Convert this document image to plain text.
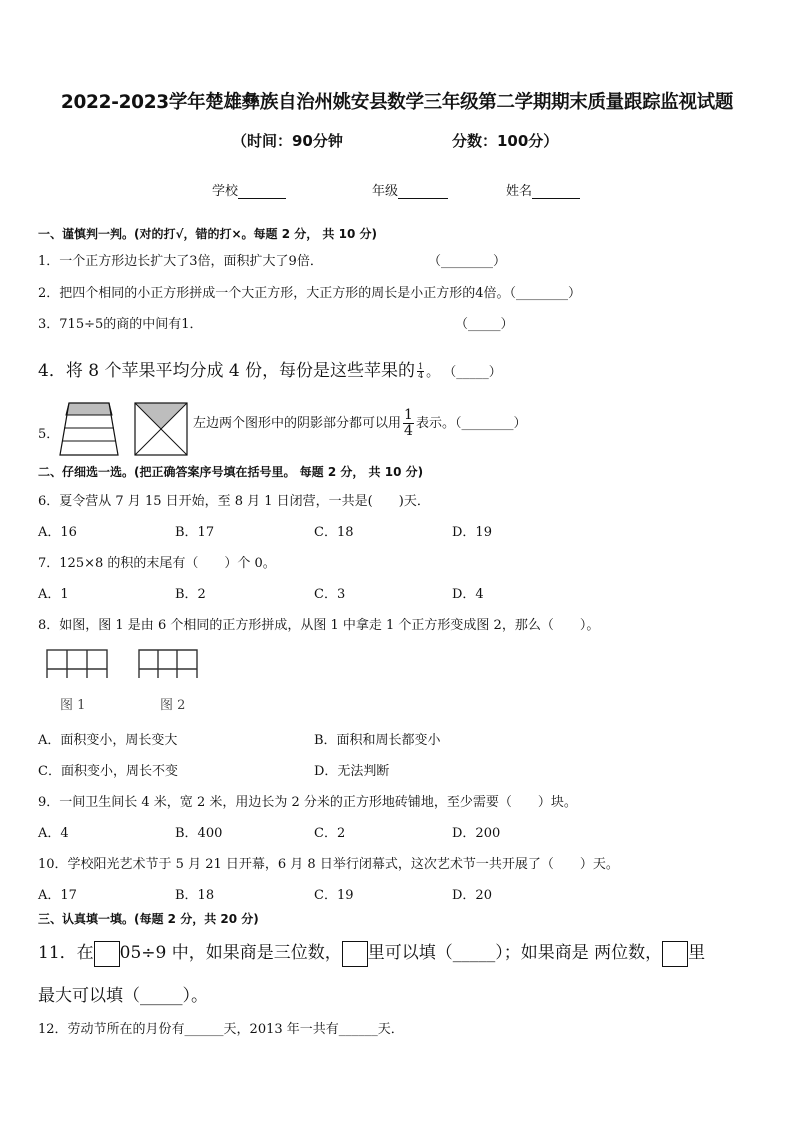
2022-2023学年楚雄彝族自治州姚安县数学三年级第二学期期末质量跟踪监视试题
（时间：90分钟	分数：100分）
学校	年级	姓名
一、谨慎判一判。(对的打√，错的打×。每题 2 分， 共 10 分)
1．一个正方形边长扩大了3倍，面积扩大了9倍．	（________）
2．把四个相同的小正方形拼成一个大正方形，大正方形的周长是小正方形的4倍。（________）
3．715÷5的商的中间有1．	（_____）
4．将 8 个苹果平均分成 4 份，每份是这些苹果的 $\frac{1}{4}$ 。 （_____）
5．
左边两个图形中的阴影部分都可以用 $\frac{1}{4}$ 表示。（________）
二、仔细选一选。(把正确答案序号填在括号里。 每题 2 分， 共 10 分)
6．夏令营从 7 月 15 日开始，至 8 月 1 日闭营，一共是(　　)天．
A．16	B．17	C．18	D．19
7．125×8 的积的末尾有（　　）个 0。
A．1	B．2	C．3	D．4
8．如图，图 1 是由 6 个相同的正方形拼成，从图 1 中拿走 1 个正方形变成图 2，那么（　　）。
图 1	图 2
A．面积变小，周长变大	B．面积和周长都变小
C．面积变小，周长不变	D．无法判断
9．一间卫生间长 4 米，宽 2 米，用边长为 2 分米的正方形地砖铺地，至少需要（　　）块。
A．4	B．400	C．2	D．200
10．学校阳光艺术节于 5 月 21 日开幕，6 月 8 日举行闭幕式，这次艺术节一共开展了（　　）天。
A．17	B．18	C．19	D．20
三、认真填一填。(每题 2 分，共 20 分)
11．在 05÷9 中，如果商是三位数， 里可以填（_____）；如果商是 两位数， 里
最大可以填（_____）。
12．劳动节所在的月份有______天，2013 年一共有______天．
